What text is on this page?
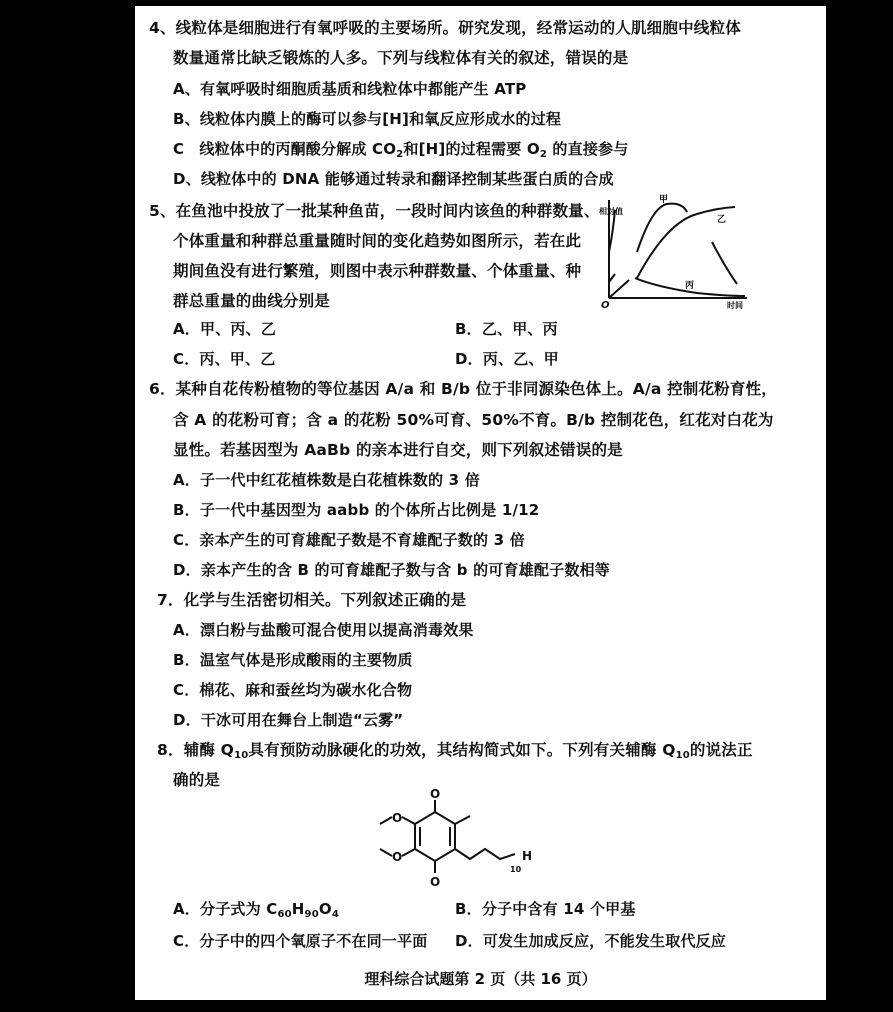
4、线粒体是细胞进行有氧呼吸的主要场所。研究发现，经常运动的人肌细胞中线粒体
数量通常比缺乏锻炼的人多。下列与线粒体有关的叙述，错误的是
A、有氧呼吸时细胞质基质和线粒体中都能产生 ATP
B、线粒体内膜上的酶可以参与[H]和氧反应形成水的过程
C　线粒体中的丙酮酸分解成 $CO_2$和[H]的过程需要 $O_2$ 的直接参与
D、线粒体中的 DNA 能够通过转录和翻译控制某些蛋白质的合成
5、在鱼池中投放了一批某种鱼苗，一段时间内该鱼的种群数量、
个体重量和种群总重量随时间的变化趋势如图所示，若在此
期间鱼没有进行繁殖，则图中表示种群数量、个体重量、种
群总重量的曲线分别是
A．甲、丙、乙	B．乙、甲、丙
C．丙、甲、乙	D．丙、乙、甲
相对值
O	时间
甲
乙
丙
6．某种自花传粉植物的等位基因 A/a 和 B/b 位于非同源染色体上。A/a 控制花粉育性，
含 A 的花粉可育；含 a 的花粉 50%可育、50%不育。B/b 控制花色，红花对白花为
显性。若基因型为 AaBb 的亲本进行自交，则下列叙述错误的是
A．子一代中红花植株数是白花植株数的 3 倍
B．子一代中基因型为 aabb 的个体所占比例是 1/12
C．亲本产生的可育雄配子数是不育雄配子数的 3 倍
D．亲本产生的含 B 的可育雄配子数与含 b 的可育雄配子数相等
7．化学与生活密切相关。下列叙述正确的是
A．漂白粉与盐酸可混合使用以提高消毒效果
B．温室气体是形成酸雨的主要物质
C．棉花、麻和蚕丝均为碳水化合物
D．干冰可用在舞台上制造“云雾”
8．辅酶 $Q_{10}$具有预防动脉硬化的功效，其结构简式如下。下列有关辅酶 $Q_{10}$的说法正
确的是
O
O
O
O	H
10
A．分子式为 $C_{60}H_{90}O_4$	B．分子中含有 14 个甲基
C．分子中的四个氧原子不在同一平面 D．可发生加成反应，不能发生取代反应
理科综合试题第 2 页（共 16 页）
